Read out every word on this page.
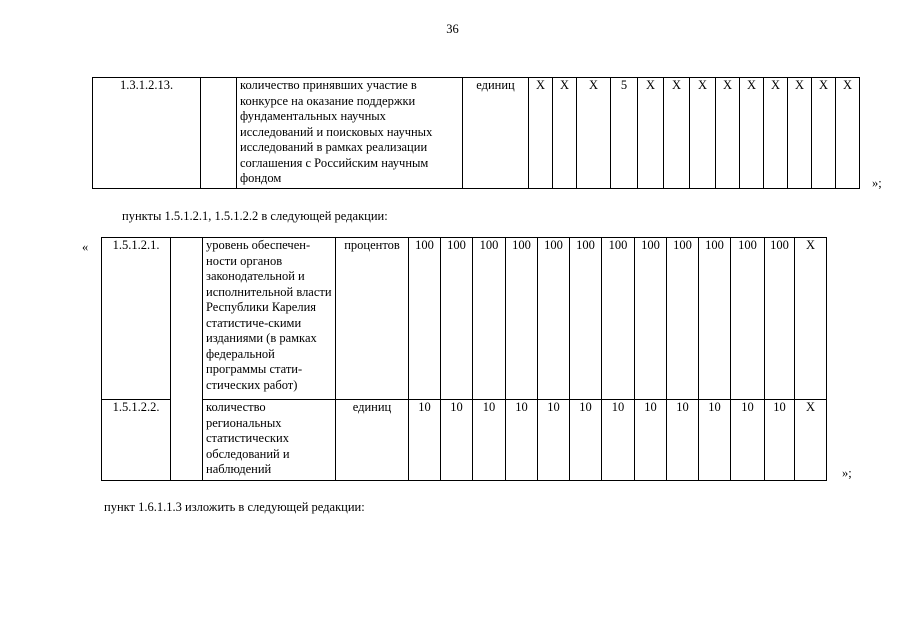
36
1.3.1.2.13.		количество принявших участие в конкурсе на оказание поддержки фундаментальных научных исследований и поисковых научных исследований в рамках реализации соглашения с Российским научным фондом	единиц	X	X	X	5	X	X	X	X	X	X	X	X	X
»;
пункты 1.5.1.2.1, 1.5.1.2.2 в следующей редакции:
« 1.5.1.2.1.		уровень обеспечен-ности органов законодательной и исполнительной власти Республики Карелия статистиче-скими изданиями (в рамках федеральной программы стати-стических работ)	процентов	100	100	100	100	100	100	100	100	100	100	100	100	X
1.5.1.2.2.		количество региональных статистических обследований и наблюдений	единиц	10	10	10	10	10	10	10	10	10	10	10	10	X
»;
пункт 1.6.1.1.3 изложить в следующей редакции:
